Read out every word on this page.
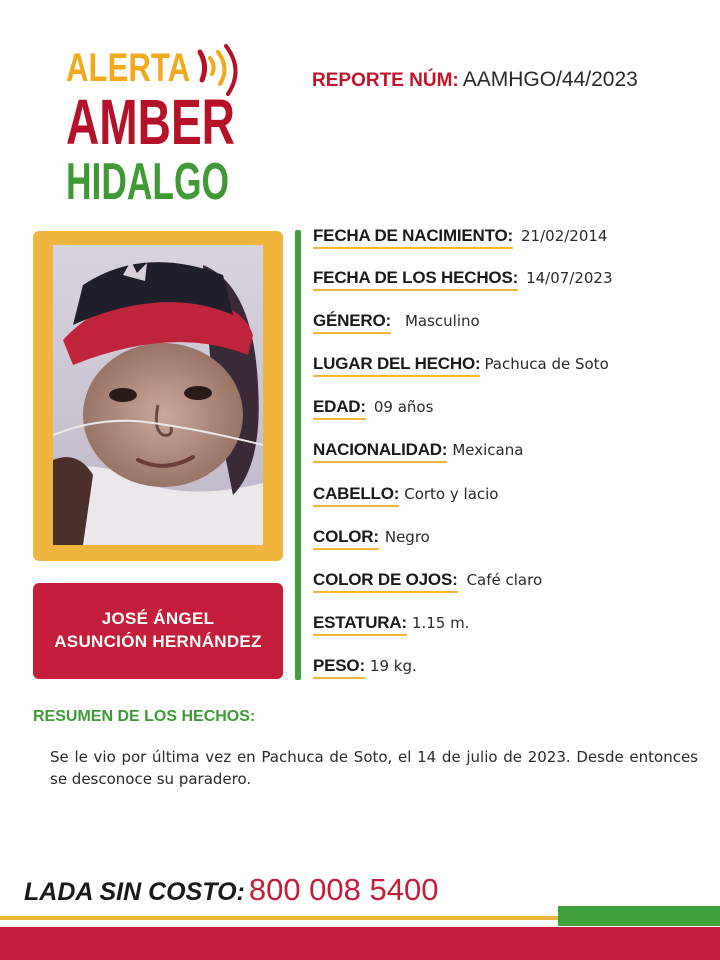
ALERTA
AMBER
HIDALGO
REPORTE NÚM: AAMHGO/44/2023
JOSÉ ÁNGEL
ASUNCIÓN HERNÁNDEZ
FECHA DE NACIMIENTO: 21/02/2014
FECHA DE LOS HECHOS: 14/07/2023
GÉNERO: Masculino
LUGAR DEL HECHO: Pachuca de Soto
EDAD: 09 años
NACIONALIDAD: Mexicana
CABELLO: Corto y lacio
COLOR: Negro
COLOR DE OJOS: Café claro
ESTATURA: 1.15 m.
PESO: 19 kg.
RESUMEN DE LOS HECHOS:
Se le vio por última vez en Pachuca de Soto, el 14 de julio de 2023. Desde entonces se desconoce su paradero.
LADA SIN COSTO: 800 008 5400
